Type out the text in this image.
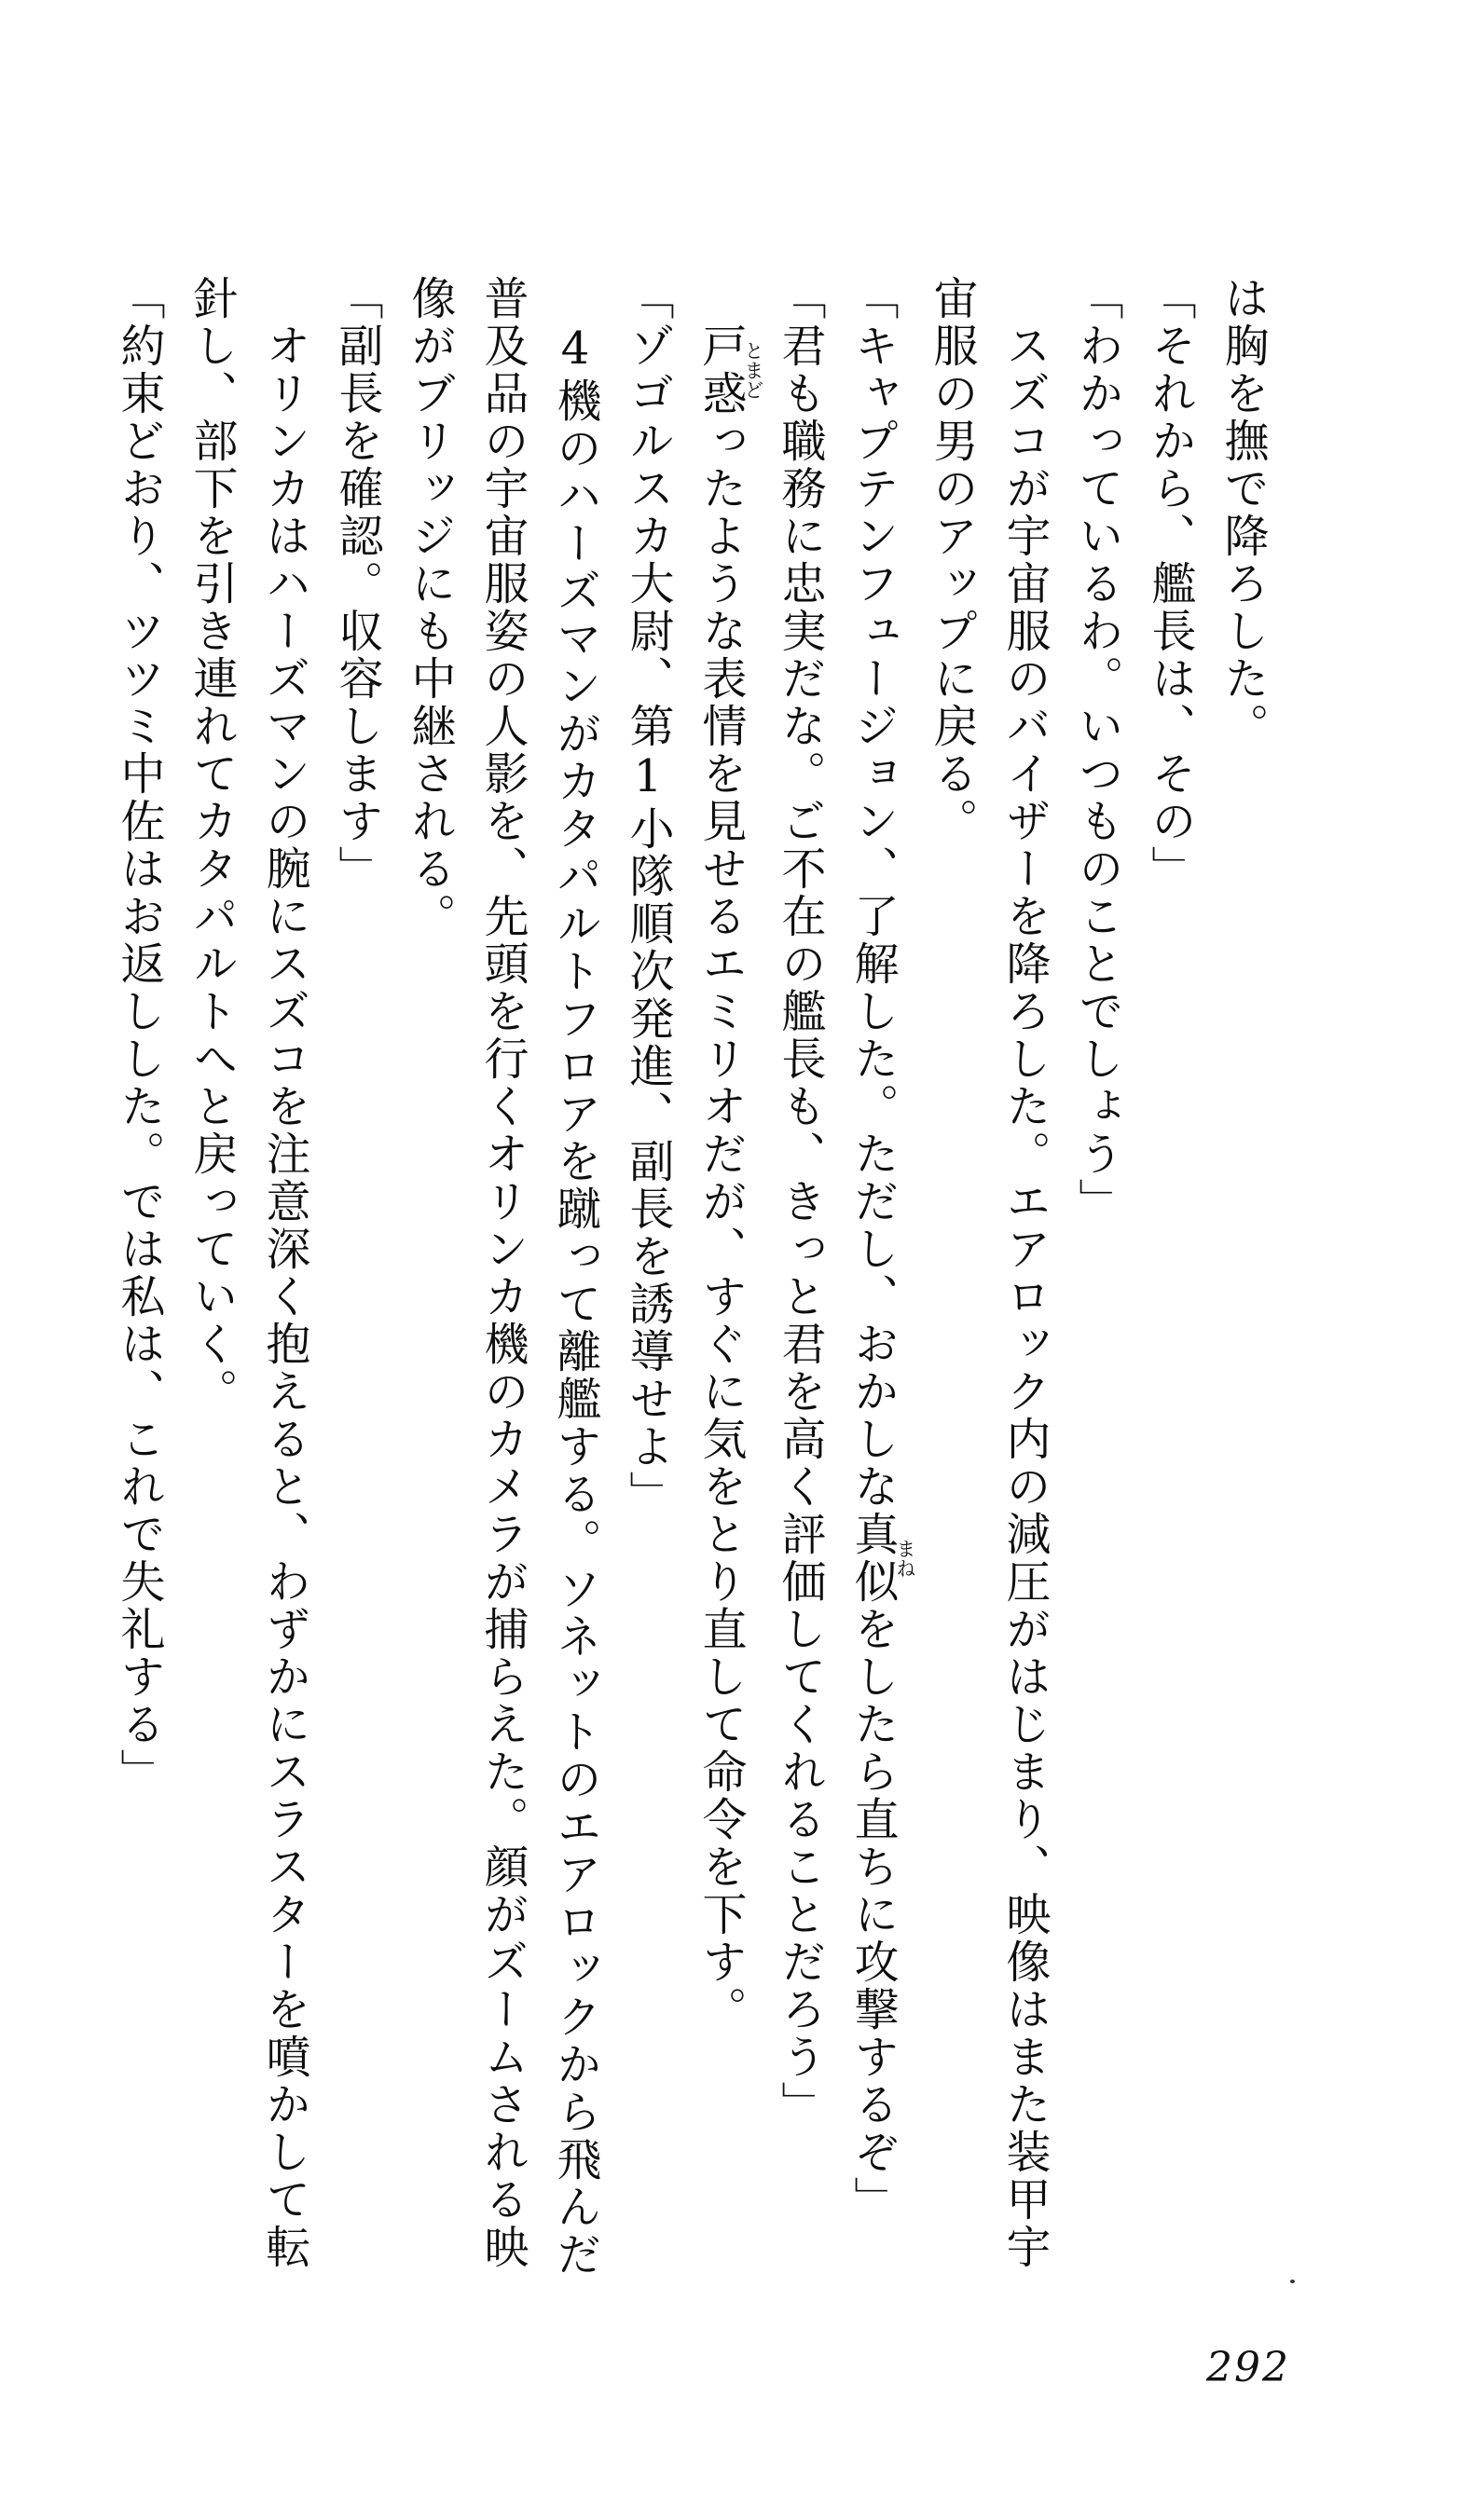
は胸を撫で降ろした。

「それから、艦長は、その」

「わかっているわ。いつものことでしょう」

スズコが宇宙服のバイザーを降ろした。エアロック内の減圧がはじまり、映像はまた装甲宇宙服の男のアップに戻る。

「キャプテンフュージョン、了解した。ただし、おかしな真似まねをしたら直ちに攻撃するぞ」

「君も職務に忠実だな。ご不在の艦長も、きっと君を高く評価してくれることだろう」

戸惑とまどったような表情を見せるエミリオだが、すぐに気をとり直して命令を下す。

「ゾゴルスカ大尉、第1小隊順次発進、副長を誘導せよ」

4機のハーズマンがカタパルトフロアを蹴って離艦する。ソネットのエアロックから飛んだ普及品の宇宙服姿の人影を、先頭を行くオリンカ機のカメラが捕らえた。顔がズームされる映像がブリッジにも中継される。

「副長を確認。収容します」

オリンカはハーズマンの腕にスズコを注意深く抱えると、わずかにスラスターを噴かして転針し、部下を引き連れてカタパルトへと戻っていく。

「約束どおり、ツツミ中佐はお返しした。では私は、これで失礼する」

292
